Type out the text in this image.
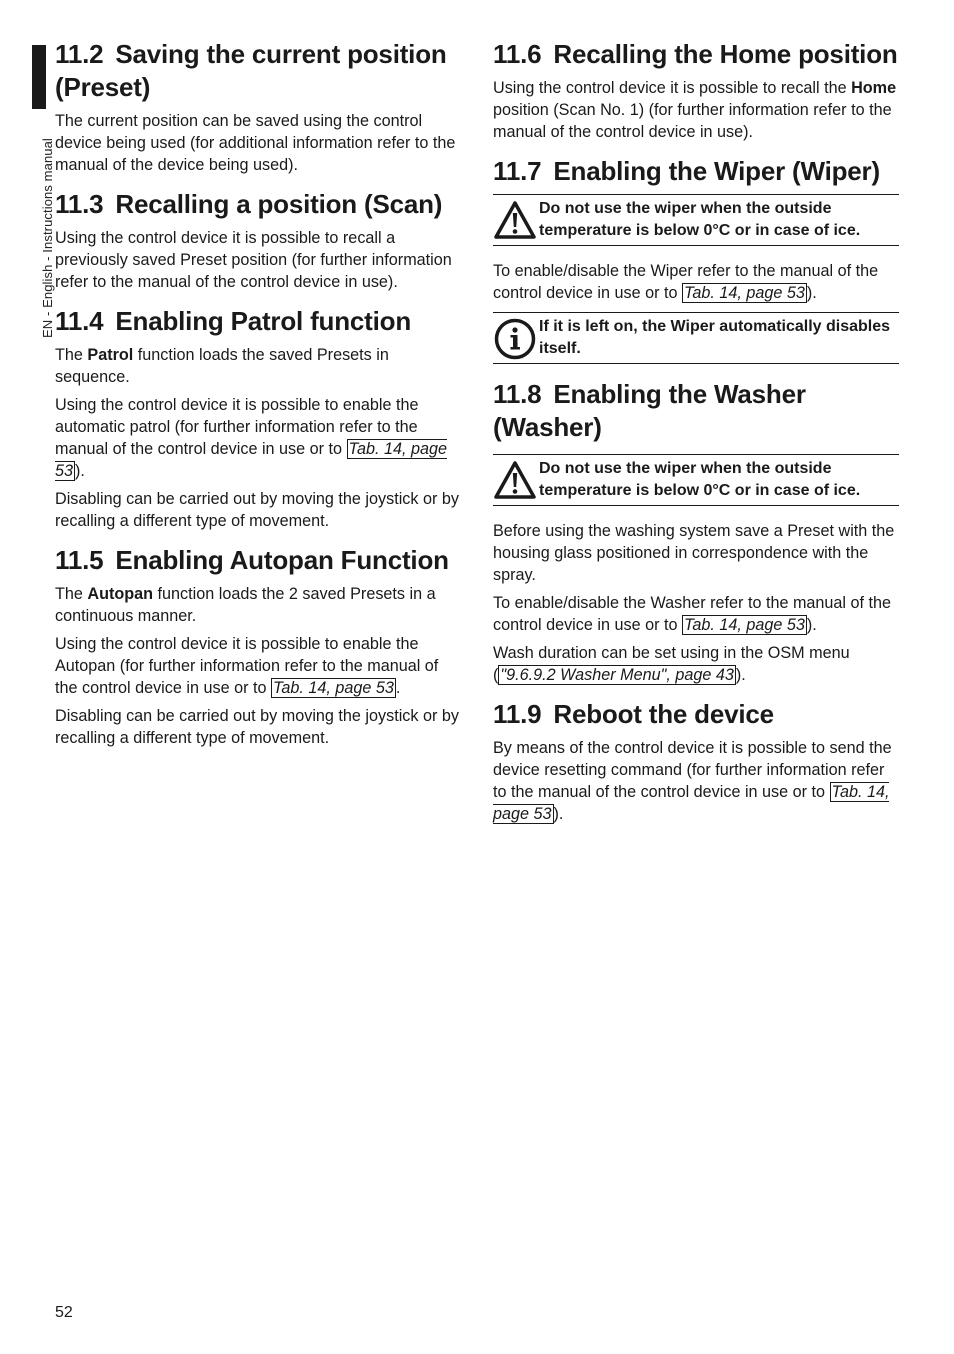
EN - English - Instructions manual
11.2 Saving the current position (Preset)

The current position can be saved using the control device being used (for additional information refer to the manual of the device being used).

11.3 Recalling a position (Scan)

Using the control device it is possible to recall a previously saved Preset position (for further information refer to the manual of the control device in use).

11.4 Enabling Patrol function

The Patrol function loads the saved Presets in sequence.

Using the control device it is possible to enable the automatic patrol (for further information refer to the manual of the control device in use or to Tab. 14, page 53 ).

Disabling can be carried out by moving the joystick or by recalling a different type of movement.

11.5 Enabling Autopan Function

The Autopan function loads the 2 saved Presets in a continuous manner.

Using the control device it is possible to enable the Autopan (for further information refer to the manual of the control device in use or to Tab. 14, page 53 .

Disabling can be carried out by moving the joystick or by recalling a different type of movement.

11.6 Recalling the Home position

Using the control device it is possible to recall the Home position (Scan No. 1) (for further information refer to the manual of the control device in use).

11.7 Enabling the Wiper (Wiper)
Do not use the wiper when the outside temperature is below 0°C or in case of ice.

To enable/disable the Wiper refer to the manual of the control device in use or to Tab. 14, page 53 ).

If it is left on, the Wiper automatically disables itself.
11.8 Enabling the Washer (Washer)
Do not use the wiper when the outside temperature is below 0°C or in case of ice.

Before using the washing system save a Preset with the housing glass positioned in correspondence with the spray.

To enable/disable the Washer refer to the manual of the control device in use or to Tab. 14, page 53 ).

Wash duration can be set using in the OSM menu ( "9.6.9.2 Washer Menu", page 43 ).

11.9 Reboot the device

By means of the control device it is possible to send the device resetting command (for further information refer to the manual of the control device in use or to Tab. 14, page 53 ).

52
